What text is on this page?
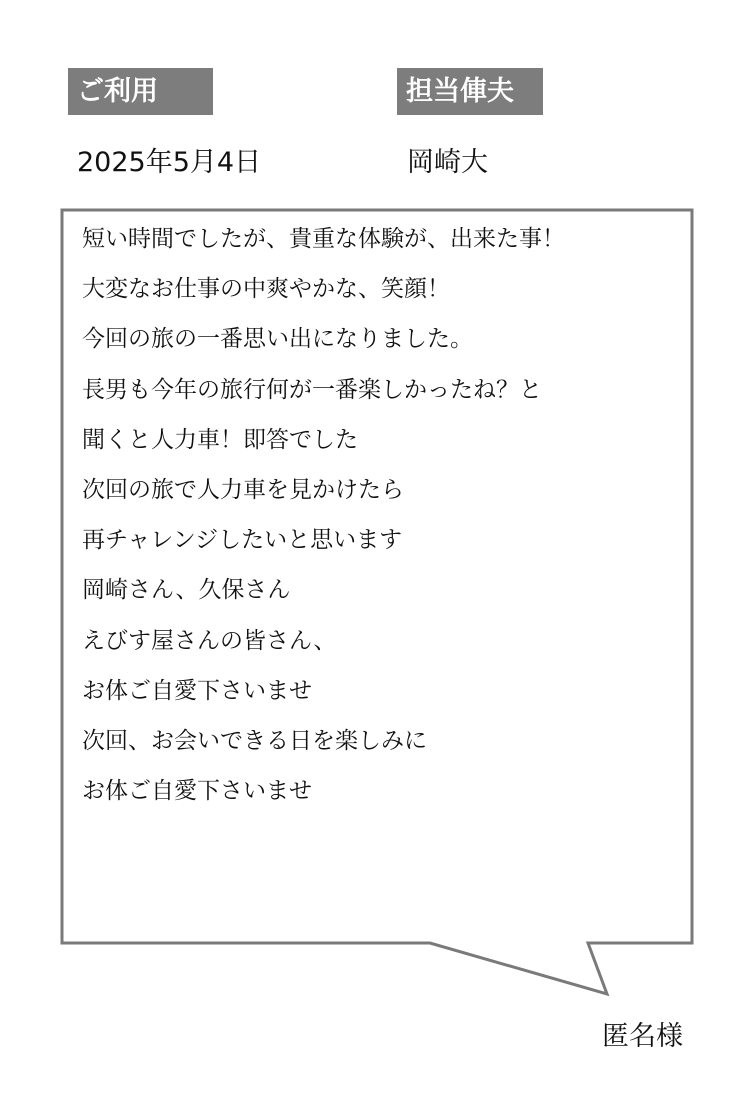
ご利用	担当俥夫
2025年5月4日	岡崎大
短い時間でしたが、貴重な体験が、出来た事！
大変なお仕事の中爽やかな、笑顔！
今回の旅の一番思い出になりました。
長男も今年の旅行何が一番楽しかったね？と
聞くと人力車！即答でした
次回の旅で人力車を見かけたら
再チャレンジしたいと思います
岡崎さん、久保さん
えびす屋さんの皆さん、
お体ご自愛下さいませ
次回、お会いできる日を楽しみに
お体ご自愛下さいませ
匿名様
